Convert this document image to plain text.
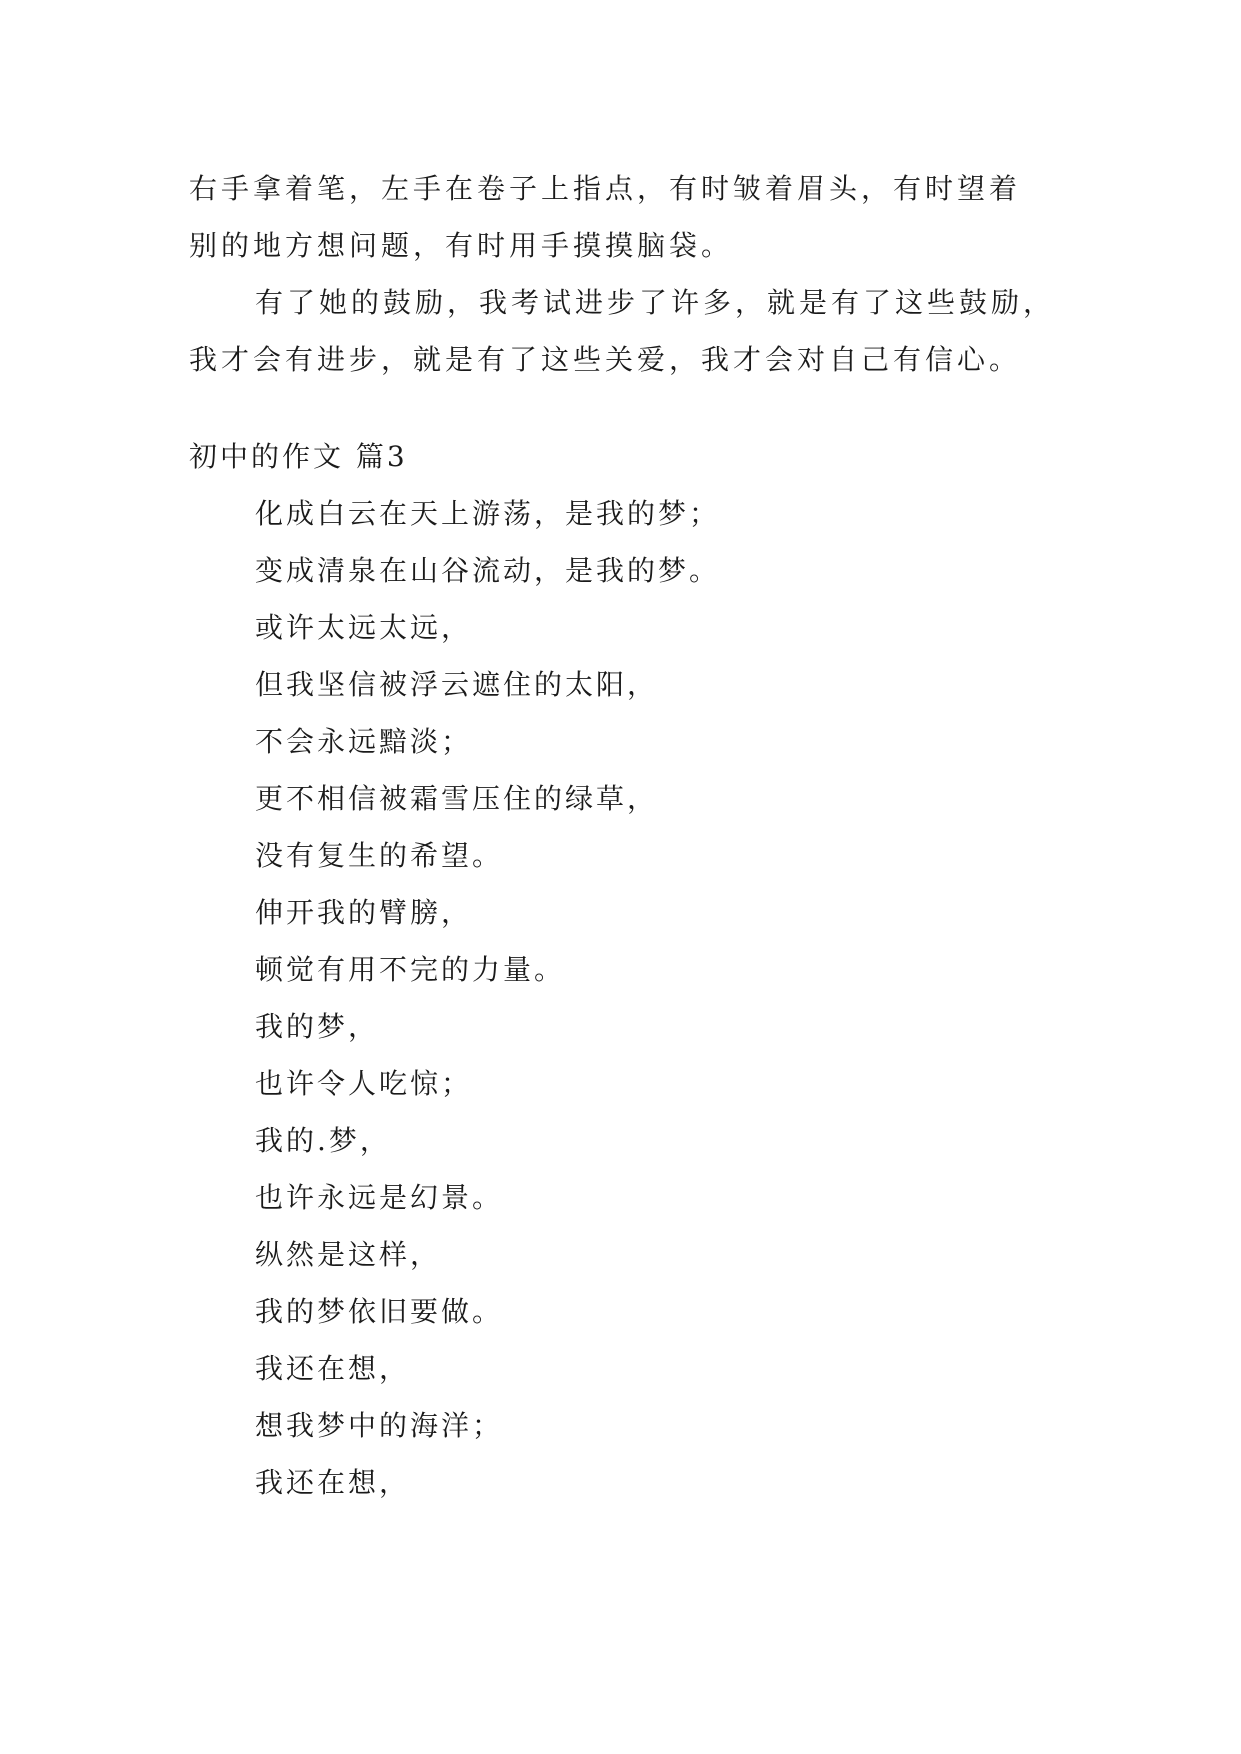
右手拿着笔，左手在卷子上指点，有时皱着眉头，有时望着
别的地方想问题，有时用手摸摸脑袋。
有了她的鼓励，我考试进步了许多，就是有了这些鼓励，
我才会有进步，就是有了这些关爱，我才会对自己有信心。
初中的作文 篇3
化成白云在天上游荡，是我的梦；
变成清泉在山谷流动，是我的梦。
或许太远太远，
但我坚信被浮云遮住的太阳，
不会永远黯淡；
更不相信被霜雪压住的绿草，
没有复生的希望。
伸开我的臂膀，
顿觉有用不完的力量。
我的梦，
也许令人吃惊；
我的.梦，
也许永远是幻景。
纵然是这样，
我的梦依旧要做。
我还在想，
想我梦中的海洋；
我还在想，
